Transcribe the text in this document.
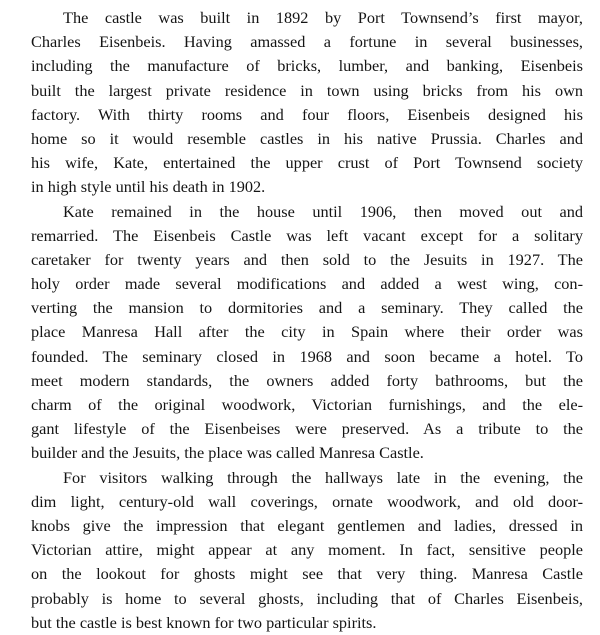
The castle was built in 1892 by Port Townsend’s first mayor,
Charles Eisenbeis. Having amassed a fortune in several businesses,
including the manufacture of bricks, lumber, and banking, Eisenbeis
built the largest private residence in town using bricks from his own
factory. With thirty rooms and four floors, Eisenbeis designed his
home so it would resemble castles in his native Prussia. Charles and
his wife, Kate, entertained the upper crust of Port Townsend society
in high style until his death in 1902.
Kate remained in the house until 1906, then moved out and
remarried. The Eisenbeis Castle was left vacant except for a solitary
caretaker for twenty years and then sold to the Jesuits in 1927. The
holy order made several modifications and added a west wing, con-
verting the mansion to dormitories and a seminary. They called the
place Manresa Hall after the city in Spain where their order was
founded. The seminary closed in 1968 and soon became a hotel. To
meet modern standards, the owners added forty bathrooms, but the
charm of the original woodwork, Victorian furnishings, and the ele-
gant lifestyle of the Eisenbeises were preserved. As a tribute to the
builder and the Jesuits, the place was called Manresa Castle.
For visitors walking through the hallways late in the evening, the
dim light, century-old wall coverings, ornate woodwork, and old door-
knobs give the impression that elegant gentlemen and ladies, dressed in
Victorian attire, might appear at any moment. In fact, sensitive people
on the lookout for ghosts might see that very thing. Manresa Castle
probably is home to several ghosts, including that of Charles Eisenbeis,
but the castle is best known for two particular spirits.
